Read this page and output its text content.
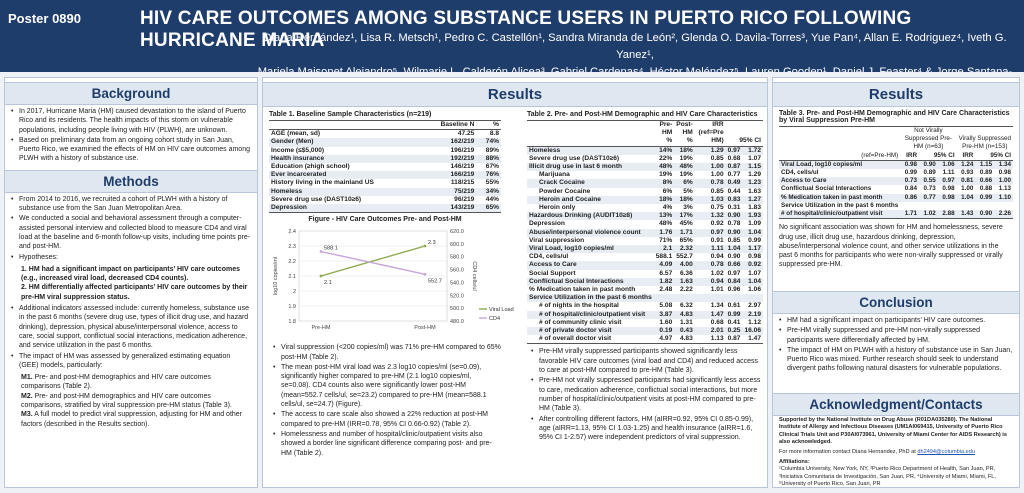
Poster 0890	HIV CARE OUTCOMES AMONG SUBSTANCE USERS IN PUERTO RICO FOLLOWING HURRICANE MARIA
Diana Hernández¹, Lisa R. Metsch¹, Pedro C. Castellón¹, Sandra Miranda de León², Glenda O. Davila-Torres³, Yue Pan⁴, Allan E. Rodriguez⁴, Iveth G. Yanez¹,
Background
• In 2017, Hurricane Maria (HM) caused devastation to the island of Puerto Rico and its residents. The health impacts of this storm on vulnerable populations, including people living with HIV (PLWH), are unknown.
• Based on preliminary data from an ongoing cohort study in San Juan, Puerto Rico, we examined the effects of HM on HIV care outcomes among PLWH with a history of substance use.
Methods
• From 2014 to 2016, we recruited a cohort of PLWH with a history of substance use from the San Juan Metropolitan Area.
• We conducted a social and behavioral assessment through a computer-assisted personal interview and collected blood to measure CD4 and viral load at the baseline and 6-month follow-up visits, including time points pre- and post-HM.
• Hypotheses:
1. HM had a significant impact on participants’ HIV care outcomes (e.g., increased viral load, decreased CD4 counts).
2. HM differentially affected participants’ HIV care outcomes by their pre-HM viral suppression status.
• Additional indicators assessed include: currently homeless, substance use in the past 6 months (severe drug use, types of illicit drug use, and hazard drinking), depression, physical abuse/interpersonal violence, access to care, social support, conflictual social interactions, medication adherence, and service utilization in the past 6 months.
• The impact of HM was assessed by generalized estimating equation (GEE) models, particularly:
M1. Pre- and post-HM demographics and HIV care outcomes comparisons (Table 2).
M2. Pre- and post-HM demographics and HIV care outcomes comparisons, stratified by viral suppression pre-HM status (Table 3).
M3. A full model to predict viral suppression, adjusting for HM and other factors (described in the Results section).
Results
Table 1. Baseline Sample Characteristics (n=219)
	Baseline N	%
AGE (mean, sd)	47.25	8.8
Gender (Men)	162/219	74%
Income (≤$5,000)	196/219	89%
Health insurance	192/219	88%
Education (≥high school)	146/219	67%
Ever incarcerated	166/219	76%
History living in the mainland US	118/215	55%
Homeless	75/219	34%
Severe drug use (DAST10≥6)	96/219	44%
Depression	143/219	65%
Figure - HIV Care Outcomes Pre- and Post-HM
2.4
2.3
2.2
2.1
2
1.9
1.8
620.0
600.0
580.0
560.0
540.0
520.0
500.0
480.0
log10 copies/ml	CD4 cells/ul
Pre-HM	Post-HM
2.1
2.3
Viral Load
588.1
552.7
CD4
• Viral suppression (<200 copies/ml) was 71% pre-HM compared to 65% post-HM (Table 2).
• The mean post-HM viral load was 2.3 log10 copies/ml (se=0.09), significantly higher compared to pre-HM (2.1 log10 copies/ml, se=0.08). CD4 counts also were significantly lower post-HM (mean=552.7 cells/ul, se=23.2) compared to pre-HM (mean=588.1 cells/ul, se=24.7) (Figure).
• The access to care scale also showed a 22% reduction at post-HM compared to pre-HM (IRR=0.78, 95% CI 0.66-0.92) (Table 2).
• Homelessness and number of hospital/clinic/outpatient visits also showed a border line significant difference comparing post- and pre-HM (Table 2).
Table 2. Pre- and Post-HM Demographic and HIV Care Characteristics
	Pre-HM %	Post-HM %	IRR (ref=Pre HM)	95% CI	
Homeless	14%	18%	1.29	0.97	1.72
Severe drug use (DAST10≥6)	22%	19%	0.85	0.68	1.07
Illicit drug use in last 6 month	48%	48%	1.00	0.87	1.15
Marijuana	19%	19%	1.00	0.77	1.29
Crack Cocaine	8%	6%	0.78	0.49	1.23
Powder Cocaine	6%	5%	0.85	0.44	1.63
Heroin and Cocaine	18%	18%	1.03	0.83	1.27
Heroin only	4%	3%	0.75	0.31	1.83
Hazardous Drinking (AUDIT10≥8)	13%	17%	1.32	0.90	1.93
Depression	48%	45%	0.92	0.78	1.09
Abuse/interpersonal violence count	1.76	1.71	0.97	0.90	1.04
Viral suppression	71%	65%	0.91	0.85	0.99
Viral Load, log10 copies/ml	2.1	2.32	1.11	1.04	1.17
CD4, cells/ul	588.1	552.7	0.94	0.90	0.98
Access to Care	4.09	4.00	0.78	0.66	0.92
Social Support	6.57	6.36	1.02	0.97	1.07
Conflictual Social Interactions	1.82	1.63	0.94	0.84	1.04
% Medication taken in past month	2.48	2.22	1.01	0.96	1.06
Service Utilization in the past 6 months					
# of nights in the hospital	5.08	6.32	1.34	0.61	2.97
# of hospital/clinic/outpatient visit	3.87	4.83	1.47	0.99	2.19
# of community clinic visit	1.60	1.31	0.68	0.41	1.12
# of private doctor visit	0.19	0.43	2.01	0.25	16.06
# of overall doctor visit	4.97	4.83	1.13	0.87	1.47
• Pre-HM virally suppressed participants showed significantly less favorable HIV care outcomes (viral load and CD4) and reduced access to care at post-HM compared to pre-HM (Table 3).
• Pre-HM not virally suppressed participants had significantly less access to care, medication adherence, conflictual social interactions, but more number of hospital/clinic/outpatient visits at post-HM compared to pre-HM (Table 3).
• After controlling different factors, HM (aIRR=0.92, 95% CI 0.85-0.99), age (aIRR=1.13, 95% CI 1.03-1.25) and health insurance (aIRR=1.6, 95% CI 1-2.57) were independent predictors of viral suppression.
Results
Table 3. Pre- and Post-HM Demographic and HIV Care Characteristics by Viral Suppression Pre-HM
	Not Virally Suppressed Pre-HM (n=63)			Virally Suppressed Pre-HM (n=153)		
(ref=Pre-HM)	IRR	95% CI		IRR	95% CI	
Viral Load, log10 copies/ml	0.98	0.90	1.06	1.24	1.15	1.34
CD4, cells/ul	0.99	0.89	1.11	0.93	0.89	0.98
Access to Care	0.73	0.55	0.97	0.81	0.66	1.00
Conflictual Social Interactions	0.84	0.73	0.98	1.00	0.88	1.13
% Medication taken in past month	0.86	0.77	0.98	1.04	0.99	1.10
Service Utilization in the past 6 months						
# of hospital/clinic/outpatient visit	1.71	1.02	2.88	1.43	0.90	2.26
No significant association was shown for HM and homelessness, severe drug use, illicit drug use, hazardous drinking, depression, abuse/interpersonal violence count, and other service utilizations in the past 6 months for participants who were non-virally suppressed or virally suppressed pre-HM.
Conclusion
• HM had a significant impact on participants’ HIV care outcomes.
• Pre-HM virally suppressed and pre-HM non-virally suppressed participants were differentially affected by HM.
• The impact of HM on PLWH with a history of substance use in San Juan, Puerto Rico was mixed. Further research should seek to understand divergent paths following natural disasters for vulnerable populations.
Acknowledgment/Contacts
Supported by the National Institute on Drug Abuse (R01DA035280). The National Institute of Allergy and Infectious Diseases (UM1AI069415, University of Puerto Rico Clinical Trials Unit and P30AI073961, University of Miami Center for AIDS Research) is also acknowledged.
For more information contact Diana Hernandez, PhD at dh2494@columbia.edu
Affiliations:
¹Columbia University, New York, NY, ²Puerto Rico Department of Health, San Juan, PR,
³Iniciativa Comunitaria de Investigación, San Juan, PR, ⁴University of Miami, Miami, FL,
⁵University of Puerto Rico, San Juan, PR
